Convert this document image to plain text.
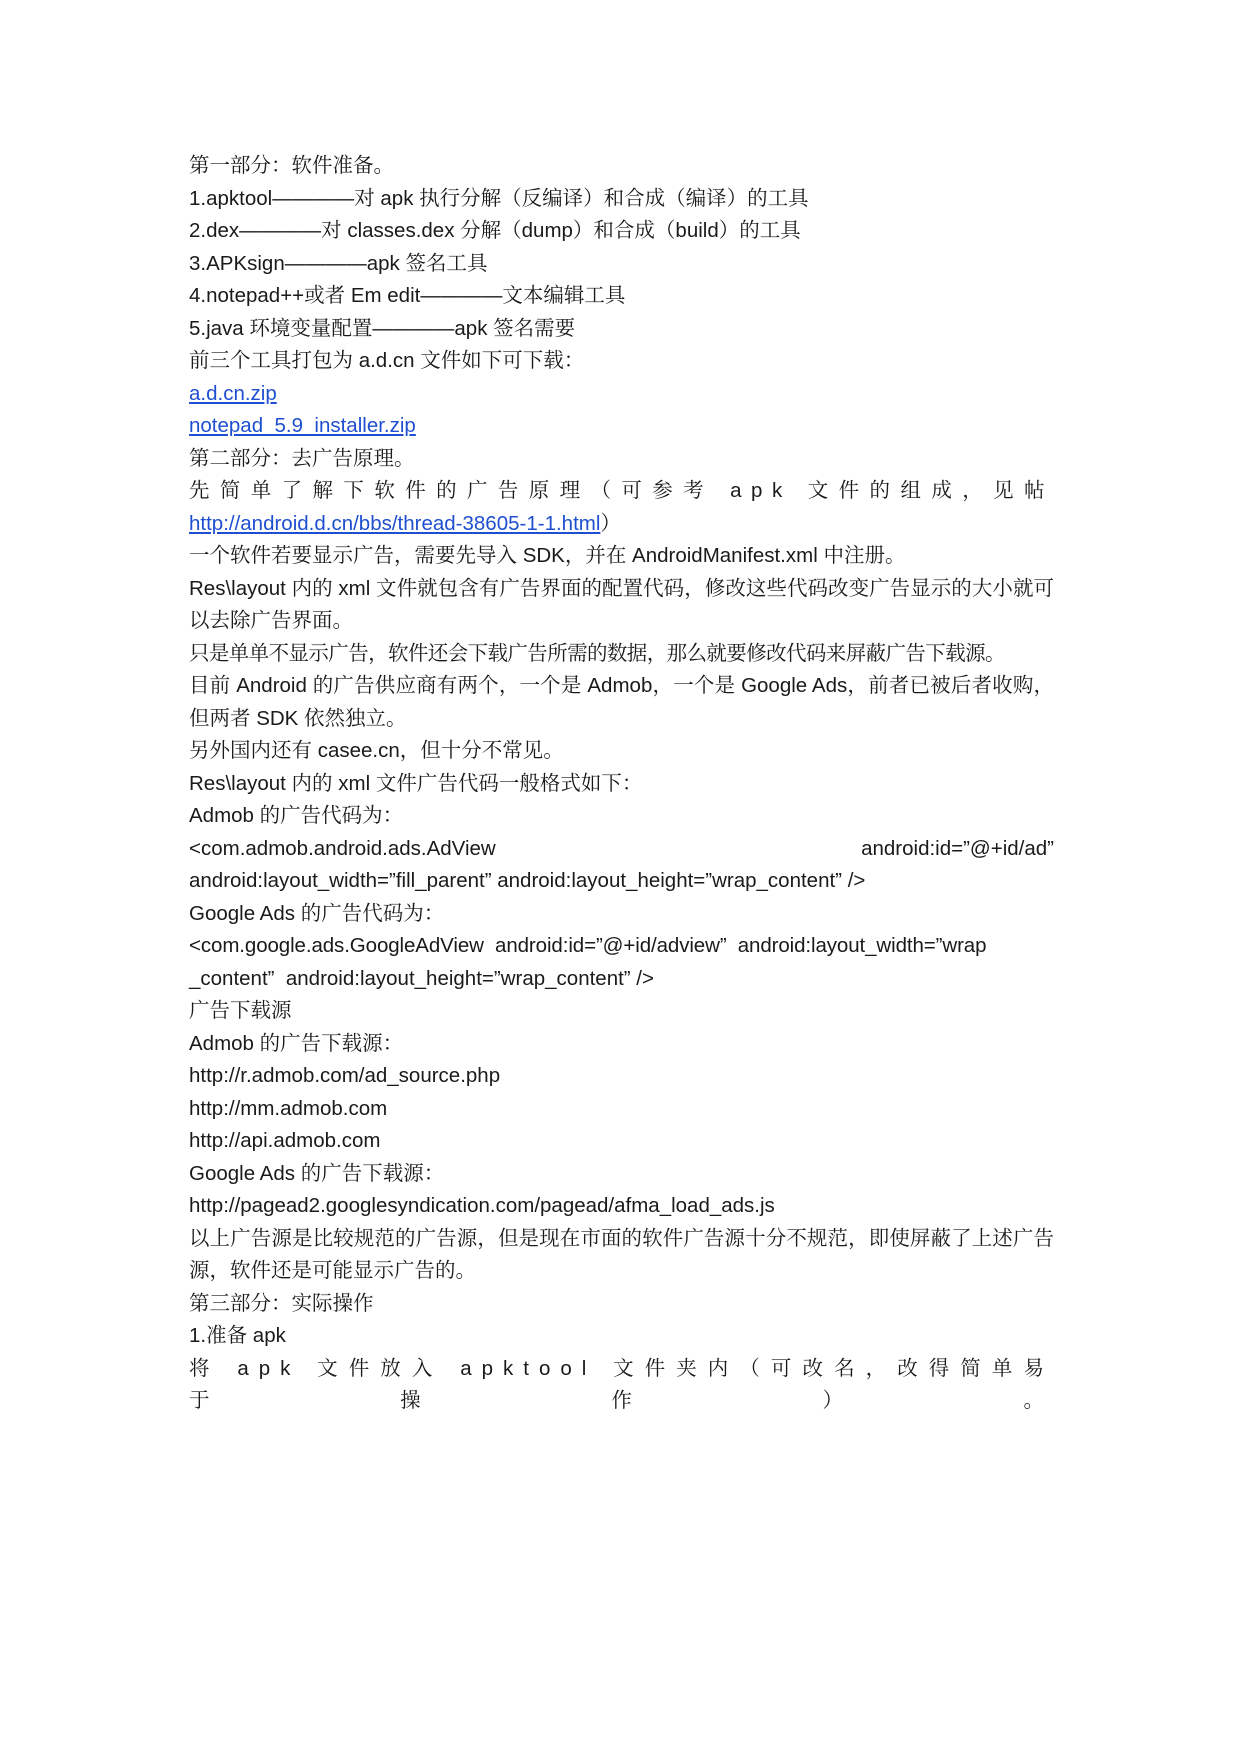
第一部分：软件准备。
1.apktool————对 apk 执行分解（反编译）和合成（编译）的工具
2.dex————对 classes.dex 分解（dump）和合成（build）的工具
3.APKsign————apk 签名工具
4.notepad++或者 Em edit————文本编辑工具
5.java 环境变量配置————apk 签名需要
前三个工具打包为 a.d.cn 文件如下可下载：
a.d.cn.zip
notepad_5.9_installer.zip
第二部分：去广告原理。
先简单了解下软件的广告原理（可参考 apk 文件的组成，见帖
http://android.d.cn/bbs/thread-38605-1-1.html）
一个软件若要显示广告，需要先导入 SDK，并在 AndroidManifest.xml 中注册。
Res\layout 内的 xml 文件就包含有广告界面的配置代码，修改这些代码改变广告显示的大小就可以去除广告界面。
只是单单不显示广告，软件还会下载广告所需的数据，那么就要修改代码来屏蔽广告下载源。
目前 Android 的广告供应商有两个，一个是 Admob，一个是 Google Ads，前者已被后者收购，但两者 SDK 依然独立。
另外国内还有 casee.cn，但十分不常见。
Res\layout 内的 xml 文件广告代码一般格式如下：
Admob 的广告代码为：
<com.admob.android.ads.AdView	android:id=”@+id/ad”
android:layout_width=”fill_parent” android:layout_height=”wrap_content” />
Google Ads 的广告代码为：
<com.google.ads.GoogleAdView  android:id=”@+id/adview”  android:layout_width=”wrap
_content”  android:layout_height=”wrap_content” />
广告下载源
Admob 的广告下载源：
http://r.admob.com/ad_source.php
http://mm.admob.com
http://api.admob.com
Google Ads 的广告下载源：
http://pagead2.googlesyndication.com/pagead/afma_load_ads.js
以上广告源是比较规范的广告源，但是现在市面的软件广告源十分不规范，即使屏蔽了上述广告源，软件还是可能显示广告的。
第三部分：实际操作
1.准备 apk
将 apk 文件放入 apktool 文件夹内（可改名，改得简单易于操作）。
